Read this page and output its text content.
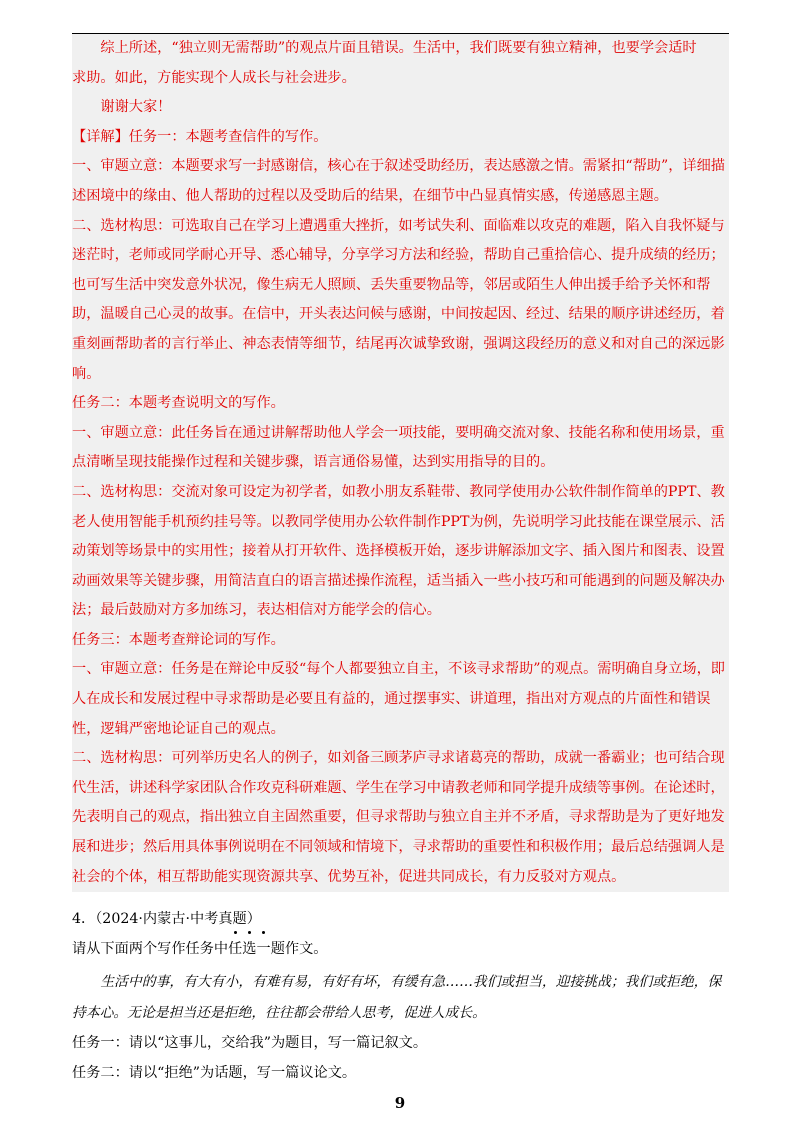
综上所述，“独立则无需帮助”的观点片面且错误。生活中，我们既要有独立精神，也要学会适时

求助。如此，方能实现个人成长与社会进步。

谢谢大家！

【详解】任务一：本题考查信件的写作。

一、审题立意：本题要求写一封感谢信，核心在于叙述受助经历，表达感激之情。需紧扣“帮助”，详细描述困境中的缘由、他人帮助的过程以及受助后的结果，在细节中凸显真情实感，传递感恩主题。

二、选材构思：可选取自己在学习上遭遇重大挫折，如考试失利、面临难以攻克的难题，陷入自我怀疑与迷茫时，老师或同学耐心开导、悉心辅导，分享学习方法和经验，帮助自己重拾信心、提升成绩的经历；也可写生活中突发意外状况，像生病无人照顾、丢失重要物品等，邻居或陌生人伸出援手给予关怀和帮助，温暖自己心灵的故事。在信中，开头表达问候与感谢，中间按起因、经过、结果的顺序讲述经历，着重刻画帮助者的言行举止、神态表情等细节，结尾再次诚挚致谢，强调这段经历的意义和对自己的深远影响。

任务二：本题考查说明文的写作。

一、审题立意：此任务旨在通过讲解帮助他人学会一项技能，要明确交流对象、技能名称和使用场景，重点清晰呈现技能操作过程和关键步骤，语言通俗易懂，达到实用指导的目的。

二、选材构思：交流对象可设定为初学者，如教小朋友系鞋带、教同学使用办公软件制作简单的PPT、教老人使用智能手机预约挂号等。以教同学使用办公软件制作PPT为例，先说明学习此技能在课堂展示、活动策划等场景中的实用性；接着从打开软件、选择模板开始，逐步讲解添加文字、插入图片和图表、设置动画效果等关键步骤，用简洁直白的语言描述操作流程，适当插入一些小技巧和可能遇到的问题及解决办法；最后鼓励对方多加练习，表达相信对方能学会的信心。

任务三：本题考查辩论词的写作。

一、审题立意：任务是在辩论中反驳“每个人都要独立自主，不该寻求帮助”的观点。需明确自身立场，即人在成长和发展过程中寻求帮助是必要且有益的，通过摆事实、讲道理，指出对方观点的片面性和错误性，逻辑严密地论证自己的观点。

二、选材构思：可列举历史名人的例子，如刘备三顾茅庐寻求诸葛亮的帮助，成就一番霸业；也可结合现代生活，讲述科学家团队合作攻克科研难题、学生在学习中请教老师和同学提升成绩等事例。在论述时，先表明自己的观点，指出独立自主固然重要，但寻求帮助与独立自主并不矛盾，寻求帮助是为了更好地发展和进步；然后用具体事例说明在不同领域和情境下，寻求帮助的重要性和积极作用；最后总结强调人是社会的个体，相互帮助能实现资源共享、优势互补，促进共同成长，有力反驳对方观点。

4．（2024·内蒙古·中考真题）

请从下面两个写作任务中任选一题作文。

生活中的事，有大有小，有难有易，有好有坏，有缓有急……我们或担当，迎接挑战；我们或拒绝，保持本心。无论是担当还是拒绝，往往都会带给人思考，促进人成长。

任务一：请以“这事儿，交给我”为题目，写一篇记叙文。

任务二：请以“拒绝”为话题，写一篇议论文。

9
